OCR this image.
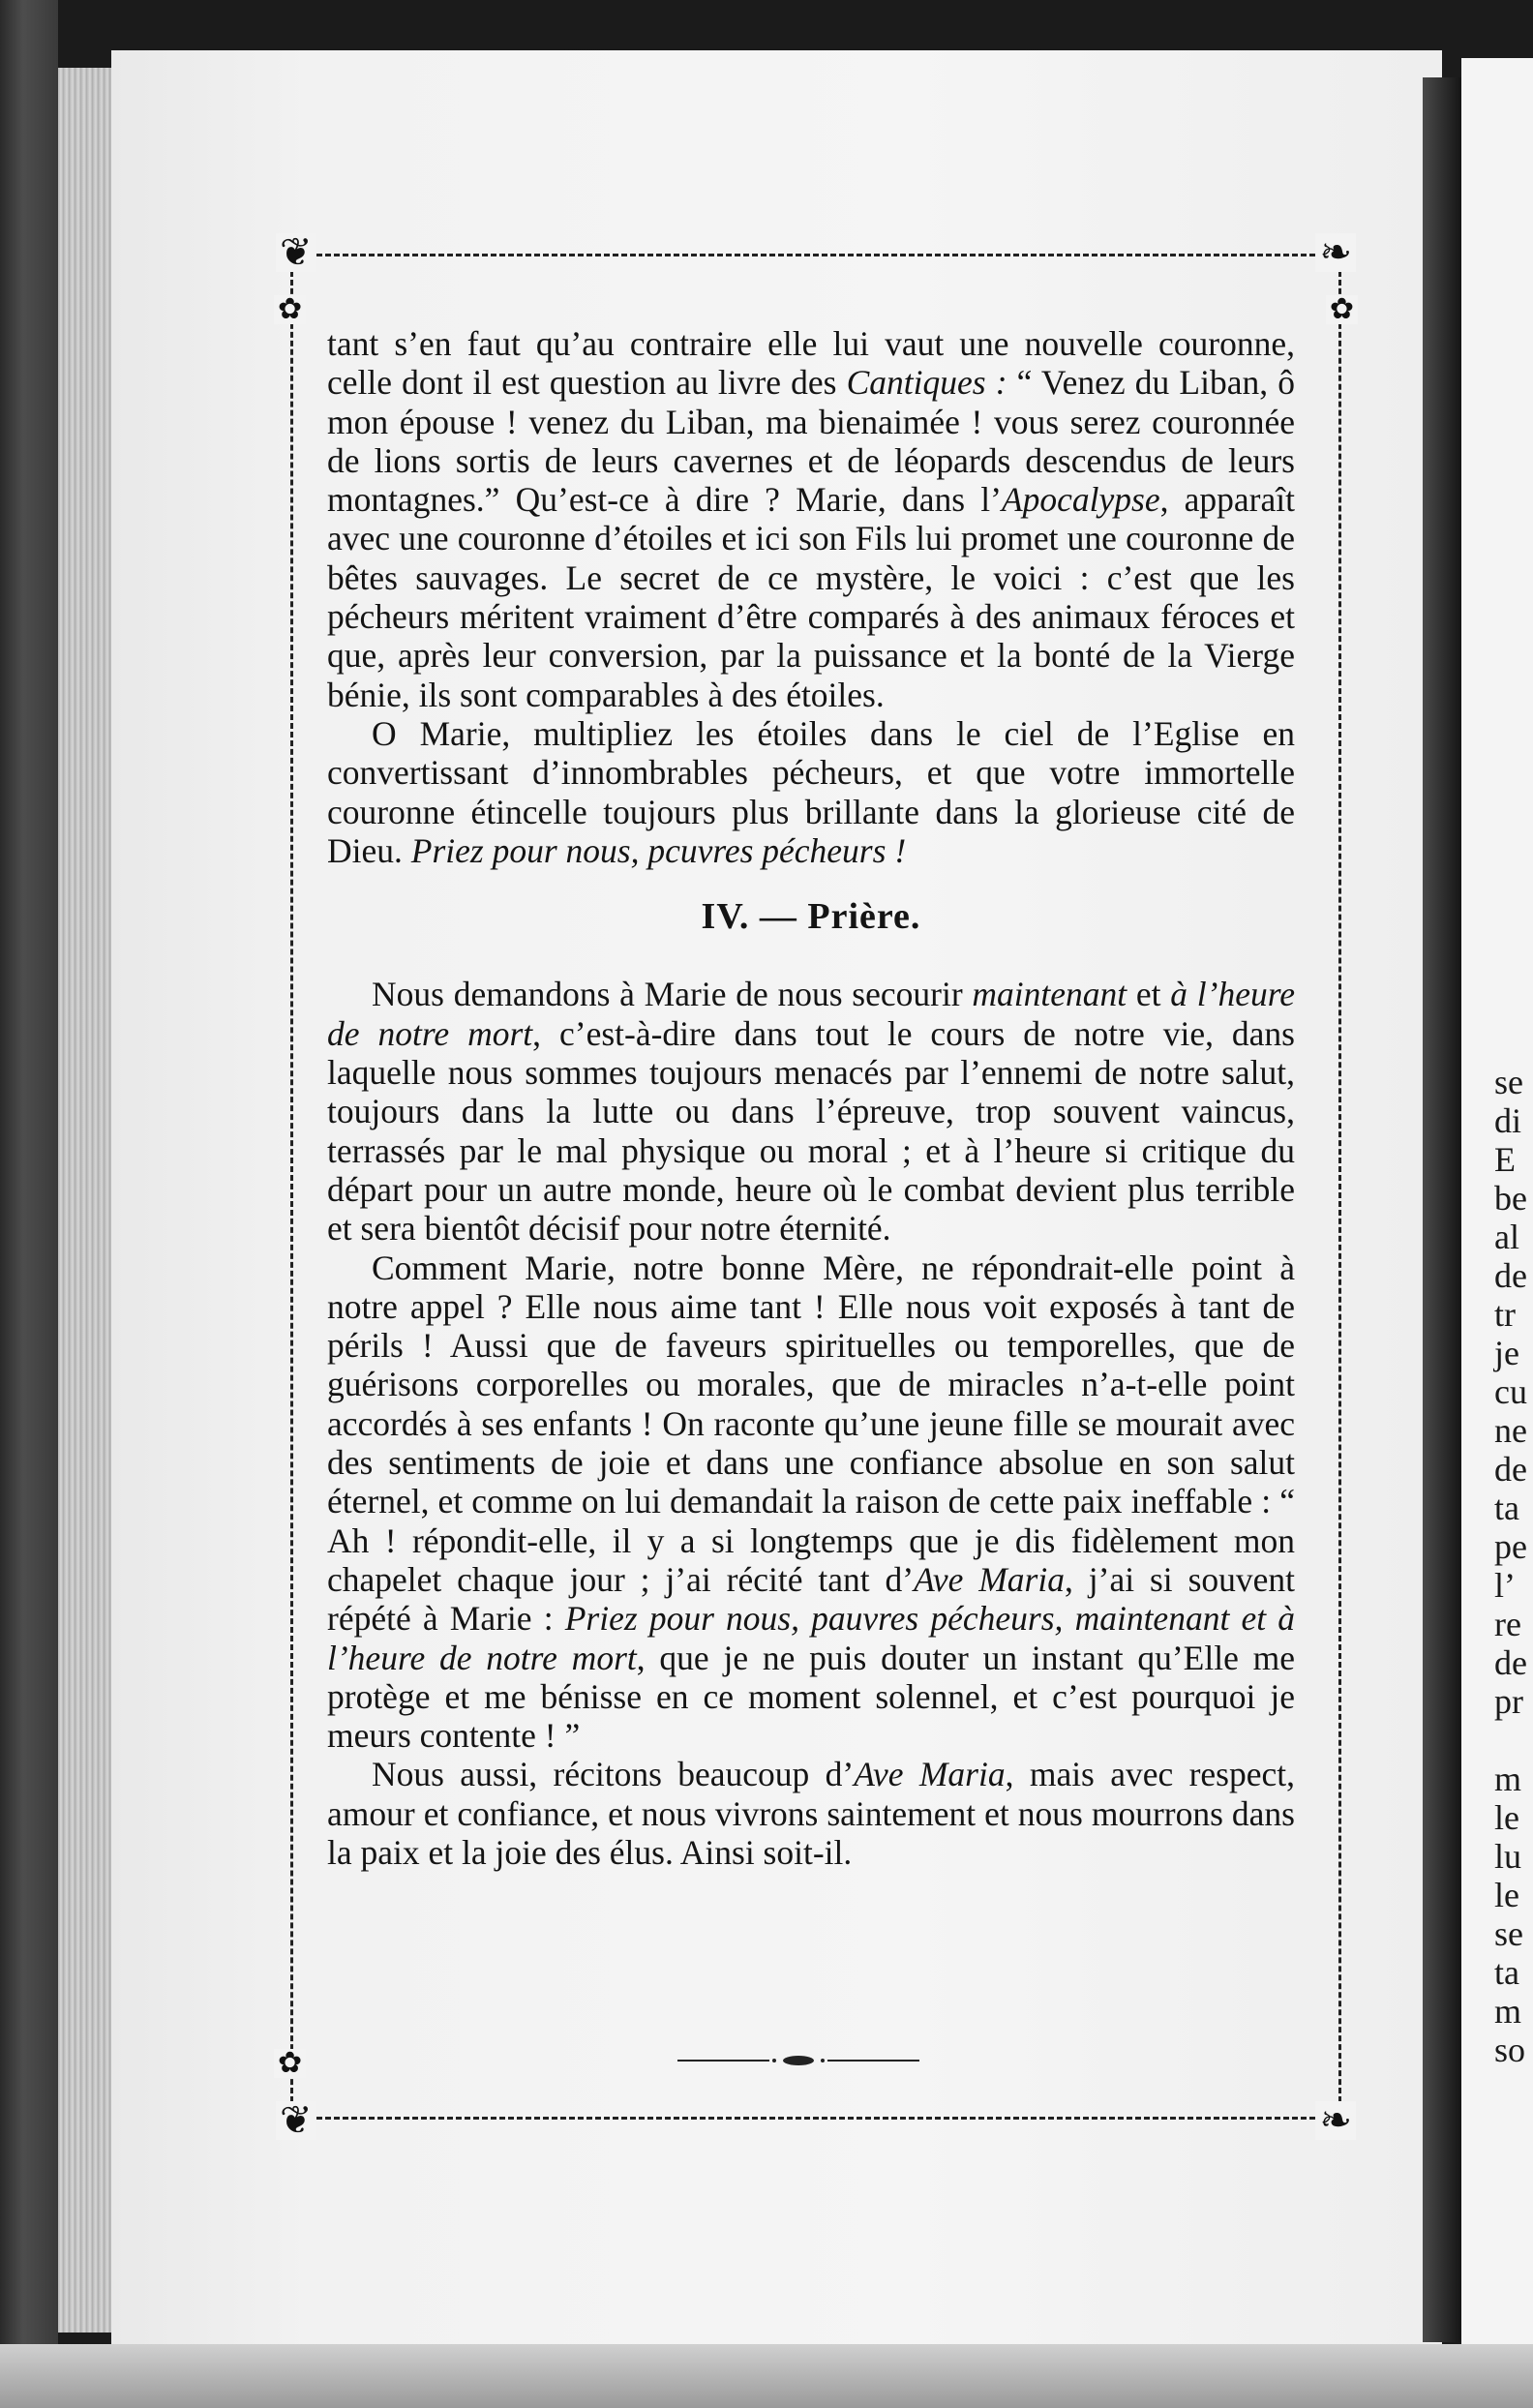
se
di
E
be
al
de
tr
je
cu
ne
de
ta
pe
l’
re
de
pr
m
le
lu
le
se
ta
m
so
❦	❧
❦	❧
✿	✿
✿

tant s’en faut qu’au contraire elle lui vaut une nouvelle couronne, celle dont il est question au livre des Cantiques : “ Venez du Liban, ô mon épouse ! venez du Liban, ma bienaimée ! vous serez couronnée de lions sortis de leurs cavernes et de léopards descendus de leurs montagnes.” Qu’est-ce à dire ? Marie, dans l’Apocalypse, apparaît avec une couronne d’étoiles et ici son Fils lui promet une couronne de bêtes sauvages. Le secret de ce mystère, le voici : c’est que les pécheurs méritent vraiment d’être comparés à des animaux féroces et que, après leur conversion, par la puissance et la bonté de la Vierge bénie, ils sont comparables à des étoiles.

O Marie, multipliez les étoiles dans le ciel de l’Eglise en convertissant d’innombrables pécheurs, et que votre immortelle couronne étincelle toujours plus brillante dans la glorieuse cité de Dieu. Priez pour nous, pcuvres pécheurs !

IV. — Prière.

Nous demandons à Marie de nous secourir maintenant et à l’heure de notre mort, c’est-à-dire dans tout le cours de notre vie, dans laquelle nous sommes toujours menacés par l’ennemi de notre salut, toujours dans la lutte ou dans l’épreuve, trop souvent vaincus, terrassés par le mal physique ou moral ; et à l’heure si critique du départ pour un autre monde, heure où le combat devient plus terrible et sera bientôt décisif pour notre éternité.

Comment Marie, notre bonne Mère, ne répondrait-elle point à notre appel ? Elle nous aime tant ! Elle nous voit exposés à tant de périls ! Aussi que de faveurs spirituelles ou temporelles, que de guérisons corporelles ou morales, que de miracles n’a-t-elle point accordés à ses enfants ! On raconte qu’une jeune fille se mourait avec des sentiments de joie et dans une confiance absolue en son salut éternel, et comme on lui demandait la raison de cette paix ineffable : “ Ah ! répondit-elle, il y a si longtemps que je dis fidèlement mon chapelet chaque jour ; j’ai récité tant d’Ave Maria, j’ai si souvent répété à Marie : Priez pour nous, pauvres pécheurs, maintenant et à l’heure de notre mort, que je ne puis douter un instant qu’Elle me protège et me bénisse en ce moment solennel, et c’est pourquoi je meurs contente ! ”

Nous aussi, récitons beaucoup d’Ave Maria, mais avec respect, amour et confiance, et nous vivrons saintement et nous mourrons dans la paix et la joie des élus. Ainsi soit-il.
